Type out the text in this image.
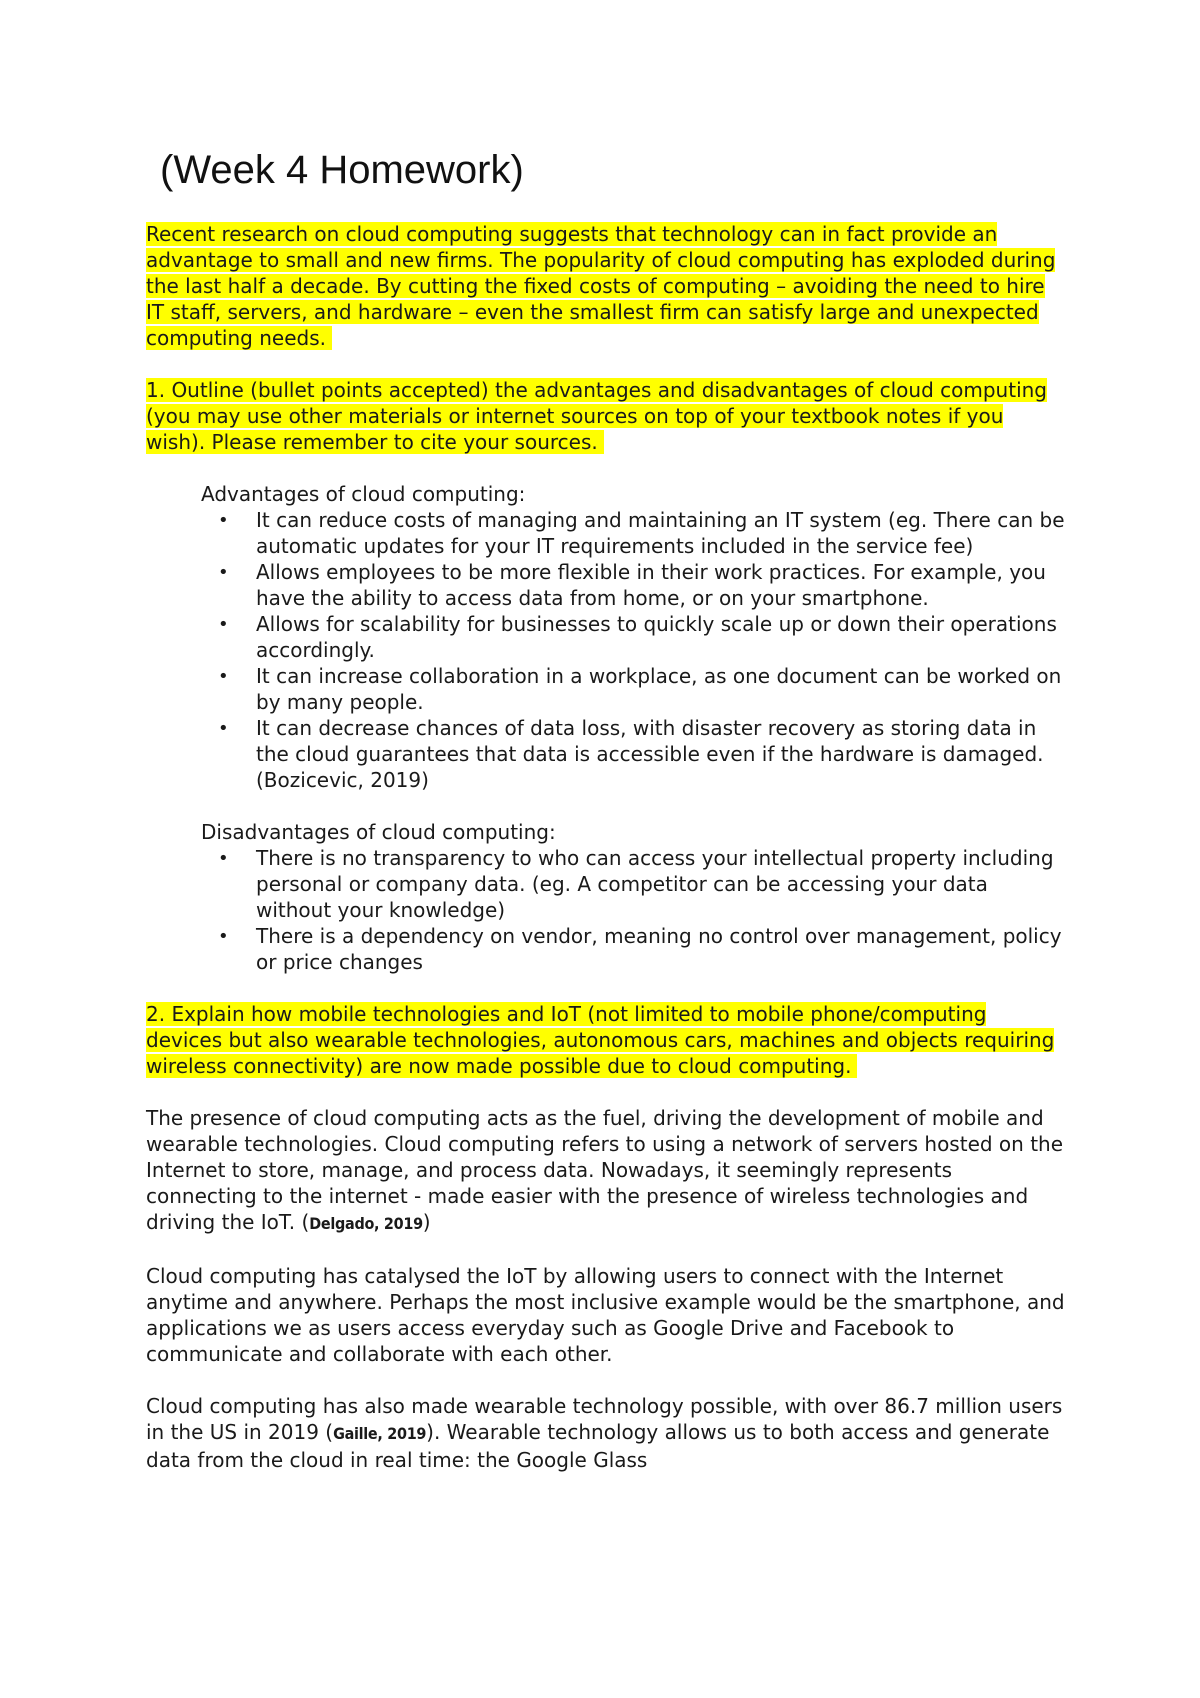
(Week 4 Homework)

Recent research on cloud computing suggests that technology can in fact provide an advantage to small and new firms. The popularity of cloud computing has exploded during the last half a decade. By cutting the fixed costs of computing – avoiding the need to hire IT staff, servers, and hardware – even the smallest firm can satisfy large and unexpected computing needs.

1. Outline (bullet points accepted) the advantages and disadvantages of cloud computing (you may use other materials or internet sources on top of your textbook notes if you wish). Please remember to cite your sources.

Advantages of cloud computing:

• It can reduce costs of managing and maintaining an IT system (eg. There can be automatic updates for your IT requirements included in the service fee)
• Allows employees to be more flexible in their work practices. For example, you have the ability to access data from home, or on your smartphone.
• Allows for scalability for businesses to quickly scale up or down their operations accordingly.
• It can increase collaboration in a workplace, as one document can be worked on by many people.
• It can decrease chances of data loss, with disaster recovery as storing data in the cloud guarantees that data is accessible even if the hardware is damaged. (Bozicevic, 2019)

Disadvantages of cloud computing:

• There is no transparency to who can access your intellectual property including personal or company data. (eg. A competitor can be accessing your data without your knowledge)
• There is a dependency on vendor, meaning no control over management, policy or price changes

2. Explain how mobile technologies and IoT (not limited to mobile phone/computing devices but also wearable technologies, autonomous cars, machines and objects requiring wireless connectivity) are now made possible due to cloud computing.

The presence of cloud computing acts as the fuel, driving the development of mobile and wearable technologies. Cloud computing refers to using a network of servers hosted on the Internet to store, manage, and process data. Nowadays, it seemingly represents connecting to the internet - made easier with the presence of wireless technologies and driving the IoT. (Delgado, 2019)

Cloud computing has catalysed the IoT by allowing users to connect with the Internet anytime and anywhere. Perhaps the most inclusive example would be the smartphone, and applications we as users access everyday such as Google Drive and Facebook to communicate and collaborate with each other.

Cloud computing has also made wearable technology possible, with over 86.7 million users in the US in 2019 (Gaille, 2019). Wearable technology allows us to both access and generate data from the cloud in real time: the Google Glass
